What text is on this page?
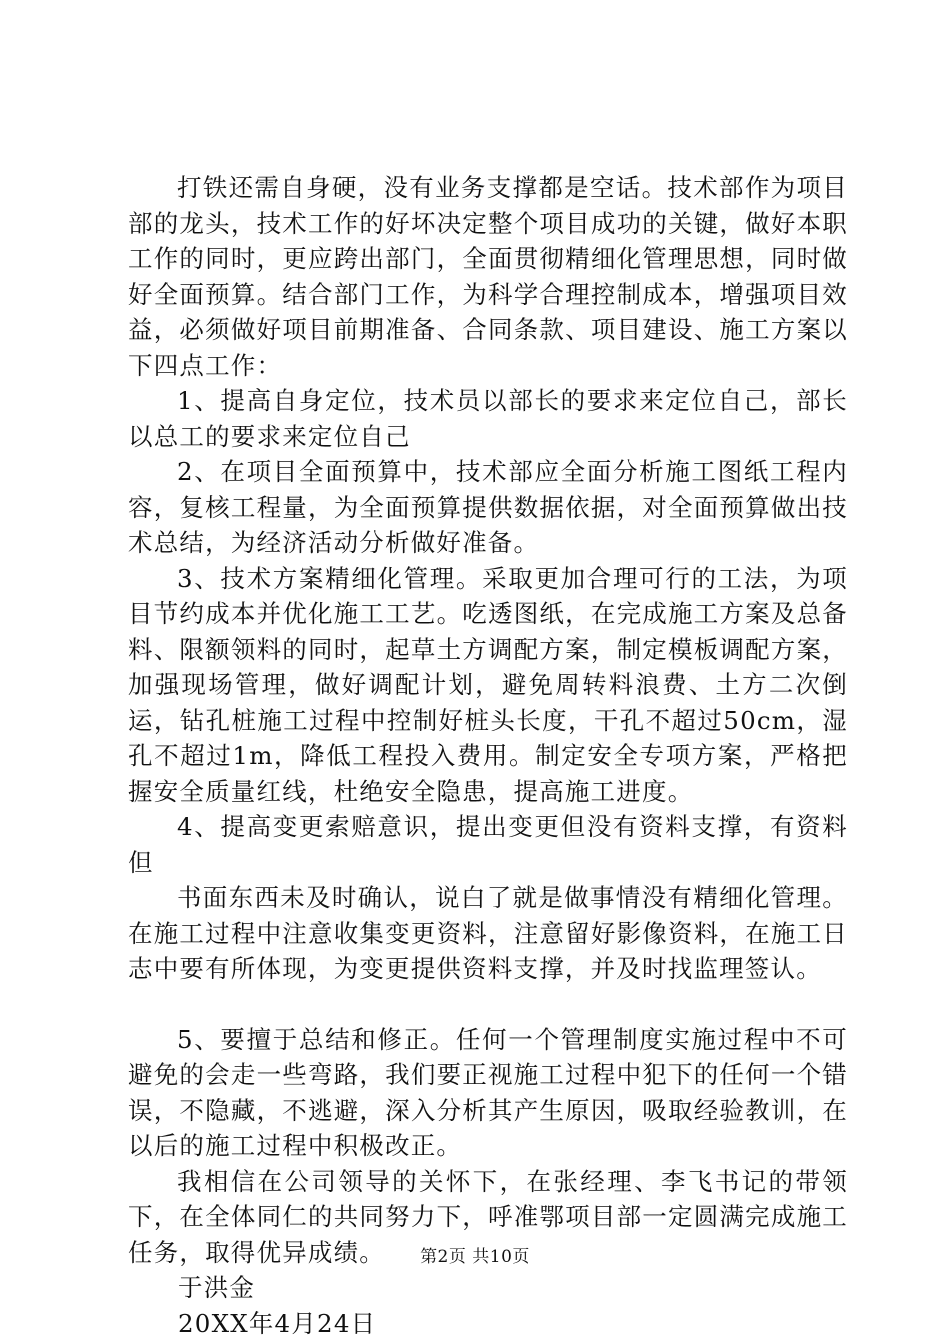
打铁还需自身硬，没有业务支撑都是空话。技术部作为项目部的龙头，技术工作的好坏决定整个项目成功的关键，做好本职工作的同时，更应跨出部门，全面贯彻精细化管理思想，同时做好全面预算。结合部门工作，为科学合理控制成本，增强项目效益，必须做好项目前期准备、合同条款、项目建设、施工方案以下四点工作：

1、提高自身定位，技术员以部长的要求来定位自己，部长以总工的要求来定位自己

2、在项目全面预算中，技术部应全面分析施工图纸工程内容，复核工程量，为全面预算提供数据依据，对全面预算做出技术总结，为经济活动分析做好准备。

3、技术方案精细化管理。采取更加合理可行的工法，为项目节约成本并优化施工工艺。吃透图纸，在完成施工方案及总备料、限额领料的同时，起草土方调配方案，制定模板调配方案，加强现场管理，做好调配计划，避免周转料浪费、土方二次倒运，钻孔桩施工过程中控制好桩头长度，干孔不超过50cm，湿孔不超过1m，降低工程投入费用。制定安全专项方案，严格把握安全质量红线，杜绝安全隐患，提高施工进度。

4、提高变更索赔意识，提出变更但没有资料支撑，有资料但

书面东西未及时确认，说白了就是做事情没有精细化管理。在施工过程中注意收集变更资料，注意留好影像资料，在施工日志中要有所体现，为变更提供资料支撑，并及时找监理签认。

5、要擅于总结和修正。任何一个管理制度实施过程中不可避免的会走一些弯路，我们要正视施工过程中犯下的任何一个错误，不隐藏，不逃避，深入分析其产生原因，吸取经验教训，在以后的施工过程中积极改正。

我相信在公司领导的关怀下，在张经理、李飞书记的带领下，在全体同仁的共同努力下，呼准鄂项目部一定圆满完成施工任务，取得优异成绩。

于洪金

20XX年4月24日

第2页 共10页
